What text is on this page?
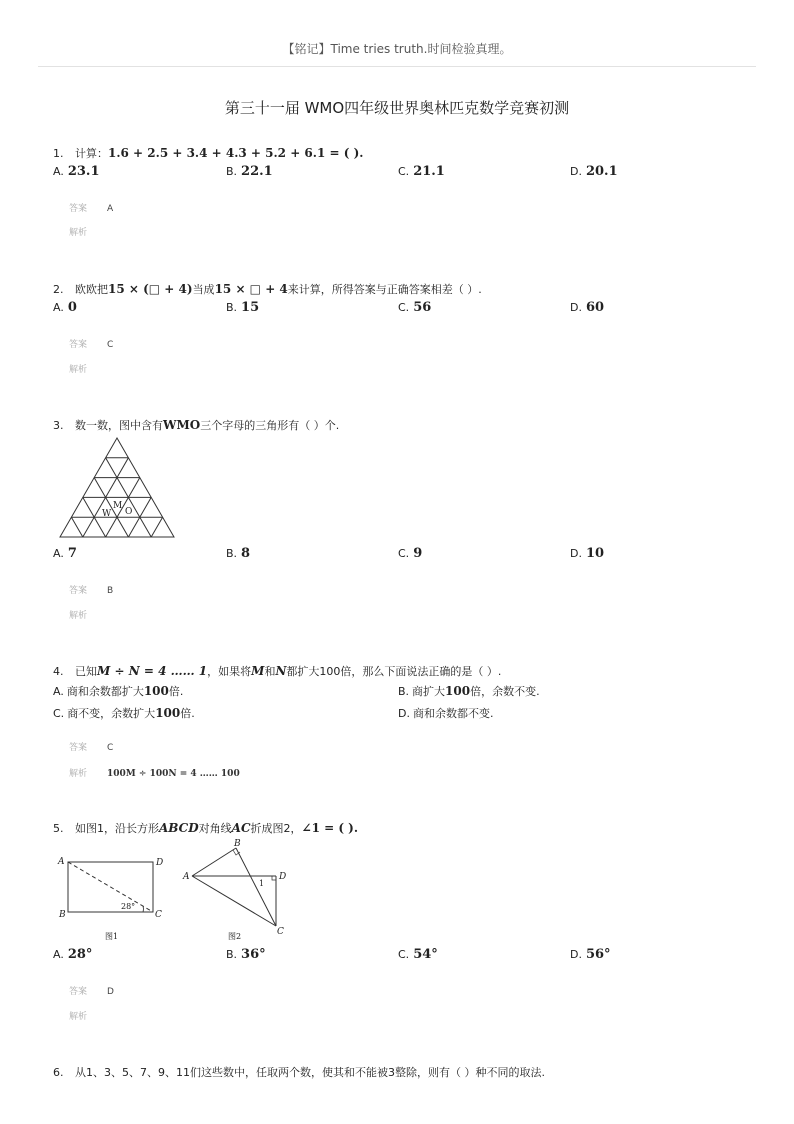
【铭记】Time tries truth.时间检验真理。
第三十一届 WMO四年级世界奥林匹克数学竞赛初测
1. 计算：1.6 + 2.5 + 3.4 + 4.3 + 5.2 + 6.1 = ( ).
A. 23.1	B. 22.1	C. 21.1	D. 20.1
答案 A
解析
2. 欧欧把15 × (□ + 4)当成15 × □ + 4来计算，所得答案与正确答案相差（ ）.
A. 0	B. 15	C. 56	D. 60
答案 C
解析
3. 数一数，图中含有WMO三个字母的三角形有（ ）个.
W
M
O
A. 7	B. 8	C. 9	D. 10
答案 B
解析
4. 已知M ÷ N = 4 …… 1，如果将M和N都扩大100倍，那么下面说法正确的是（ ）.
A. 商和余数都扩大100倍.	B. 商扩大100倍，余数不变.
C. 商不变，余数扩大100倍.	D. 商和余数都不变.
答案 C
解析 100M ÷ 100N = 4 …… 100
5. 如图1，沿长方形ABCD对角线AC折成图2，∠1 = ( ).
A	D
B	C
28°
图1
A
B
D
C
1
图2
A. 28°	B. 36°	C. 54°	D. 56°
答案 D
解析
6. 从1、3、5、7、9、11们这些数中，任取两个数，使其和不能被3整除，则有（ ）种不同的取法.
